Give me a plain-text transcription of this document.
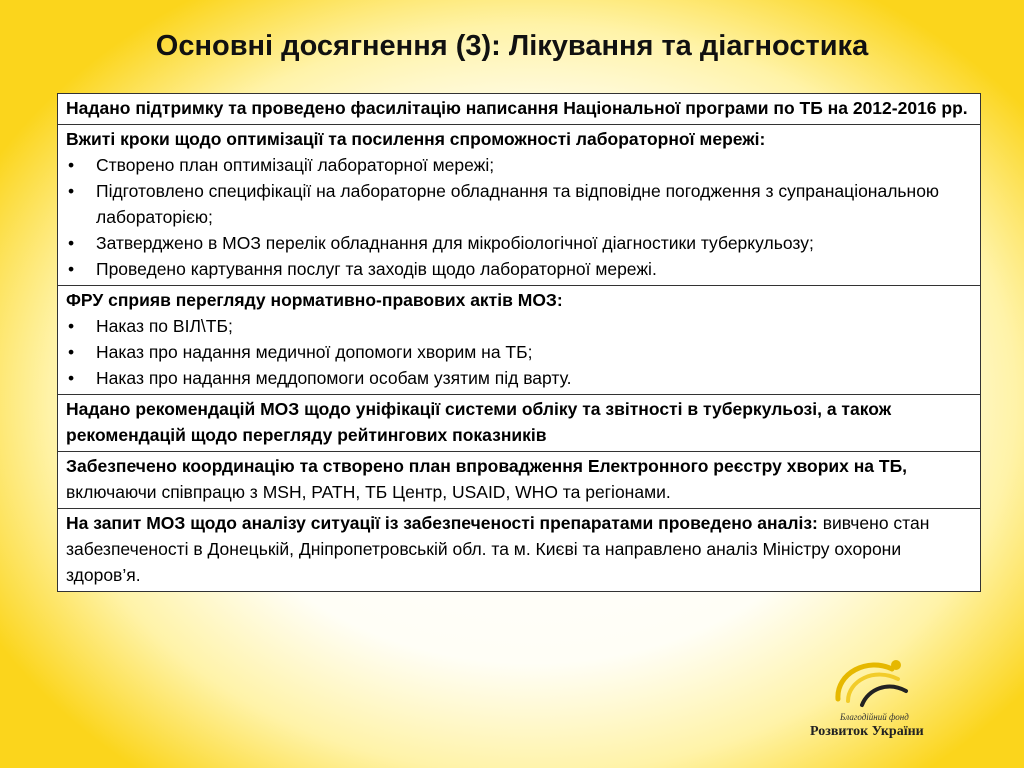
Основні досягнення (3): Лікування та діагностика
Надано підтримку та проведено фасилітацію написання Національної програми по ТБ на 2012-2016 рр.
Вжиті кроки щодо оптимізації та посилення спроможності лабораторної мережі:
• Створено план оптимізації лабораторної мережі;
• Підготовлено специфікації на лабораторне обладнання та відповідне погодження з супранаціональною лабораторією;
• Затверджено в МОЗ перелік обладнання для мікробіологічної діагностики туберкульозу;
• Проведено картування послуг та заходів щодо лабораторної мережі.

ФРУ сприяв перегляду нормативно-правових актів МОЗ:
• Наказ по ВІЛ\ТБ;
• Наказ про надання медичної допомоги хворим на ТБ;
• Наказ про надання меддопомоги особам узятим під варту.

Надано рекомендацій МОЗ щодо уніфікації системи обліку та звітності в туберкульозі, а також рекомендацій щодо перегляду рейтингових показників
Забезпечено координацію та створено план впровадження Електронного реєстру хворих на ТБ, включаючи співпрацю з MSH, PATH, ТБ Центр, USAID, WHO та регіонами.
На запит МОЗ щодо аналізу ситуації із забезпеченості препаратами проведено аналіз: вивчено стан забезпеченості в Донецькій, Дніпропетровській обл. та м. Києві та направлено аналіз Міністру охорони здоров’я.
Благодійний фонд
Розвиток України
